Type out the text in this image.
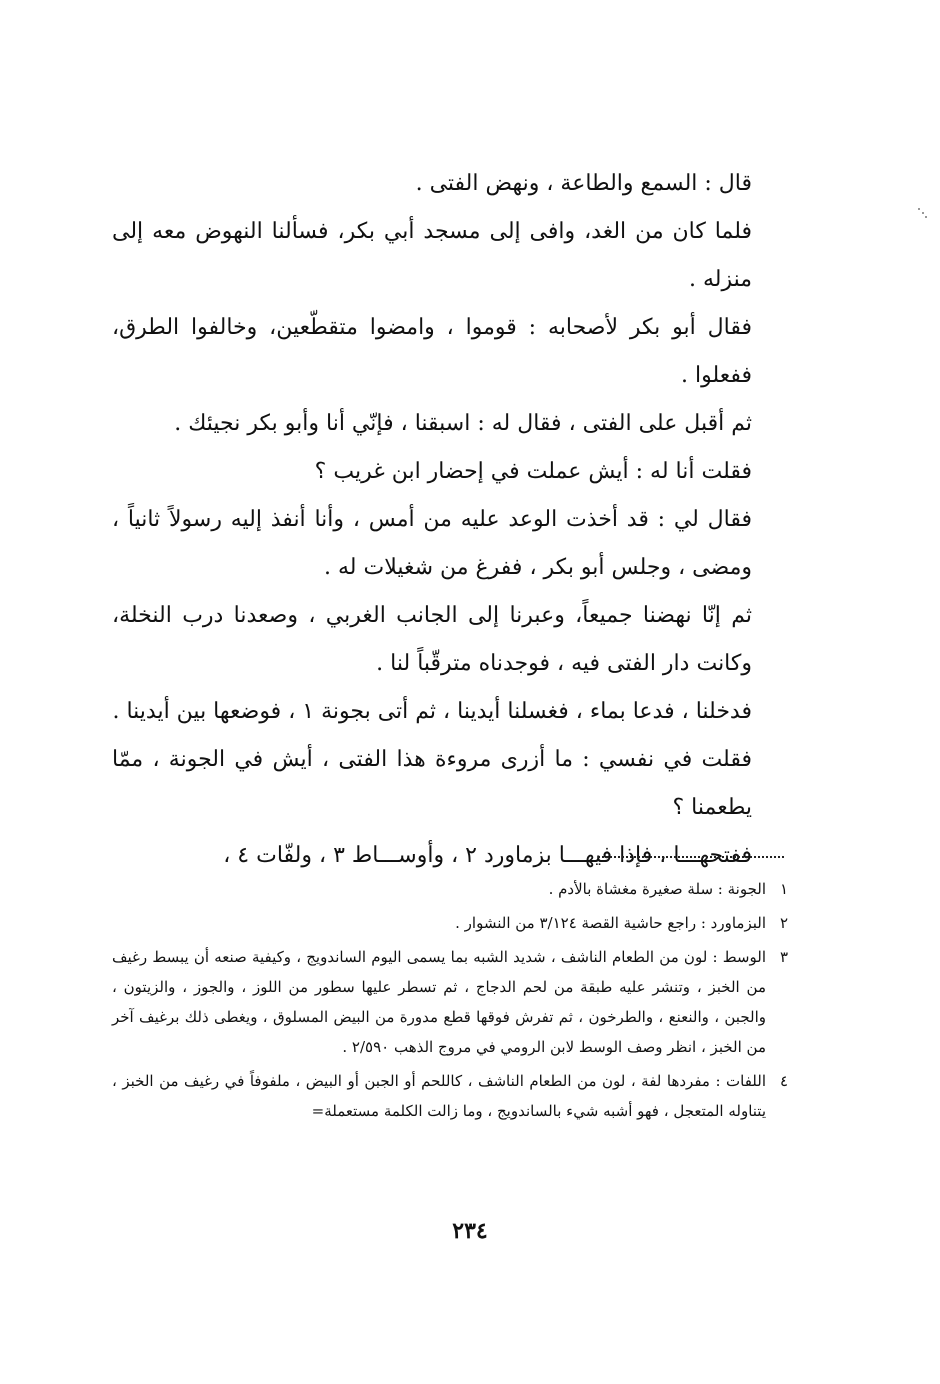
قال : السمع والطاعة ، ونهض الفتى .

فلما كان من الغد، وافى إلى مسجد أبي بكر، فسألنا النهوض معه إلى منزله .

فقال أبو بكر لأصحابه : قوموا ، وامضوا متقطّعين، وخالفوا الطرق، ففعلوا .

ثم أقبل على الفتى ، فقال له : اسبقنا ، فإنّي أنا وأبو بكر نجيئك .

فقلت أنا له : أيش عملت في إحضار ابن غريب ؟

فقال لي : قد أخذت الوعد عليه من أمس ، وأنا أنفذ إليه رسولاً ثانياً ، ومضى ، وجلس أبو بكر ، ففرغ من شغيلات له .

ثم إنّا نهضنا جميعاً، وعبرنا إلى الجانب الغربي ، وصعدنا درب النخلة، وكانت دار الفتى فيه ، فوجدناه مترقّباً لنا .

فدخلنا ، فدعا بماء ، فغسلنا أيدينا ، ثم أتى بجونة ١ ، فوضعها بين أيدينا .

فقلت في نفسي : ما أزرى مروءة هذا الفتى ، أيش في الجونة ، ممّا يطعمنا ؟

ففتحهـــا ، فإذا فيهـــا بزماورد ٢ ، وأوســـاط ٣ ، ولفّات ٤ ،

١
الجونة : سلة صغيرة مغشاة بالأدم .
٢
البزماورد : راجع حاشية القصة ٣/١٢٤ من النشوار .
٣
الوسط : لون من الطعام الناشف ، شديد الشبه بما يسمى اليوم الساندويج ، وكيفية صنعه أن يبسط رغيف من الخبز ، وتنشر عليه طبقة من لحم الدجاج ، ثم تسطر عليها سطور من اللوز ، والجوز ، والزيتون ، والجبن ، والنعنع ، والطرخون ، ثم تفرش فوقها قطع مدورة من البيض المسلوق ، ويغطى ذلك برغيف آخر من الخبز ، انظر وصف الوسط لابن الرومي في مروج الذهب ٢/٥٩٠ .
٤
اللفات : مفردها لفة ، لون من الطعام الناشف ، كاللحم أو الجبن أو البيض ، ملفوفاً في رغيف من الخبز ، يتناوله المتعجل ، فهو أشبه شيء بالساندويج ، وما زالت الكلمة مستعملة=
٢٣٤
